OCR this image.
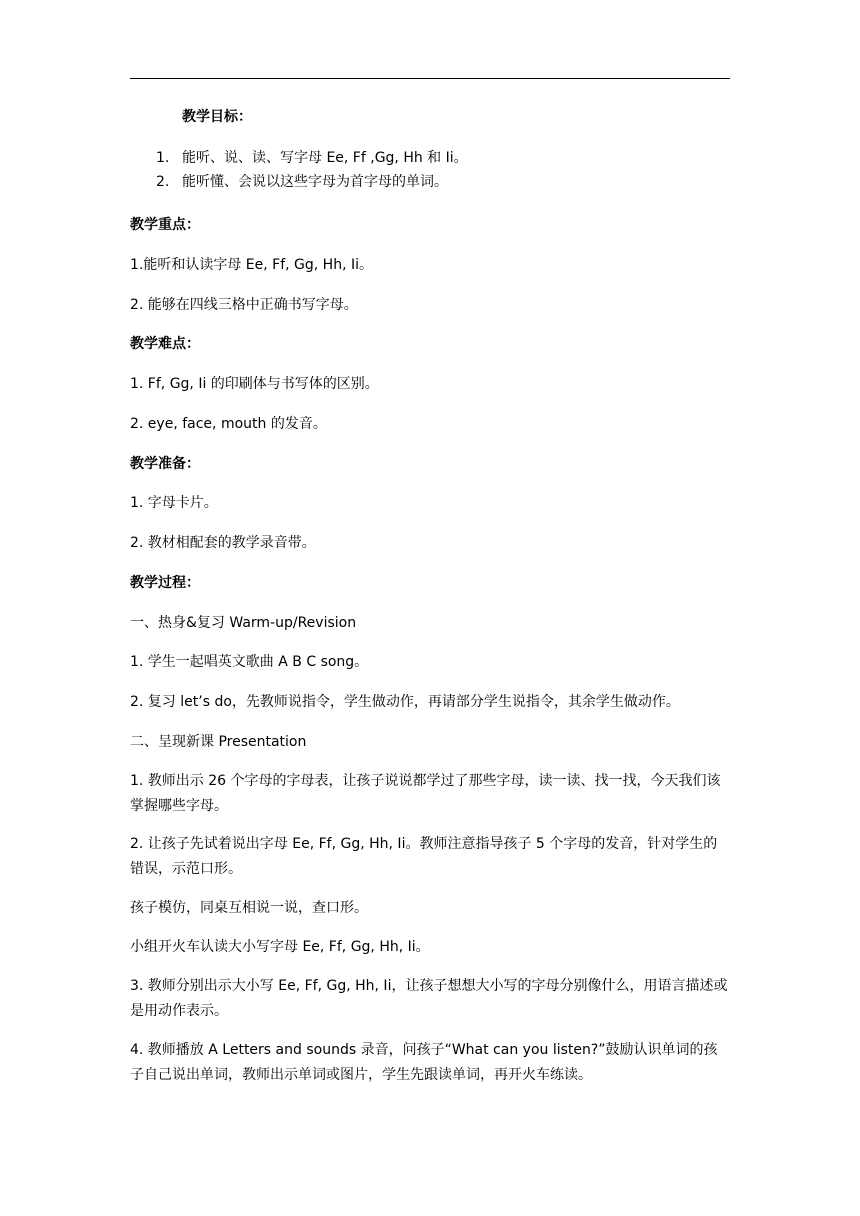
教学目标：
1. 能听、说、读、写字母 Ee, Ff ,Gg, Hh 和 Ii。
2. 能听懂、会说以这些字母为首字母的单词。
教学重点：
1.能听和认读字母 Ee, Ff, Gg, Hh, Ii。
2. 能够在四线三格中正确书写字母。
教学难点：
1. Ff, Gg, Ii 的印刷体与书写体的区别。
2. eye, face, mouth 的发音。
教学准备：
1. 字母卡片。
2. 教材相配套的教学录音带。
教学过程：
一、热身&复习 Warm-up/Revision
1. 学生一起唱英文歌曲 A B C song。
2. 复习 let’s do，先教师说指令，学生做动作，再请部分学生说指令，其余学生做动作。
二、呈现新课 Presentation
1. 教师出示 26 个字母的字母表，让孩子说说都学过了那些字母，读一读、找一找，今天我们该掌握哪些字母。
2. 让孩子先试着说出字母 Ee, Ff, Gg, Hh, Ii。教师注意指导孩子 5 个字母的发音，针对学生的错误，示范口形。
孩子模仿，同桌互相说一说，查口形。
小组开火车认读大小写字母 Ee, Ff, Gg, Hh, Ii。
3. 教师分别出示大小写 Ee, Ff, Gg, Hh, Ii，让孩子想想大小写的字母分别像什么，用语言描述或是用动作表示。
4. 教师播放 A Letters and sounds 录音，问孩子“What can you listen?”鼓励认识单词的孩子自己说出单词，教师出示单词或图片，学生先跟读单词，再开火车练读。
